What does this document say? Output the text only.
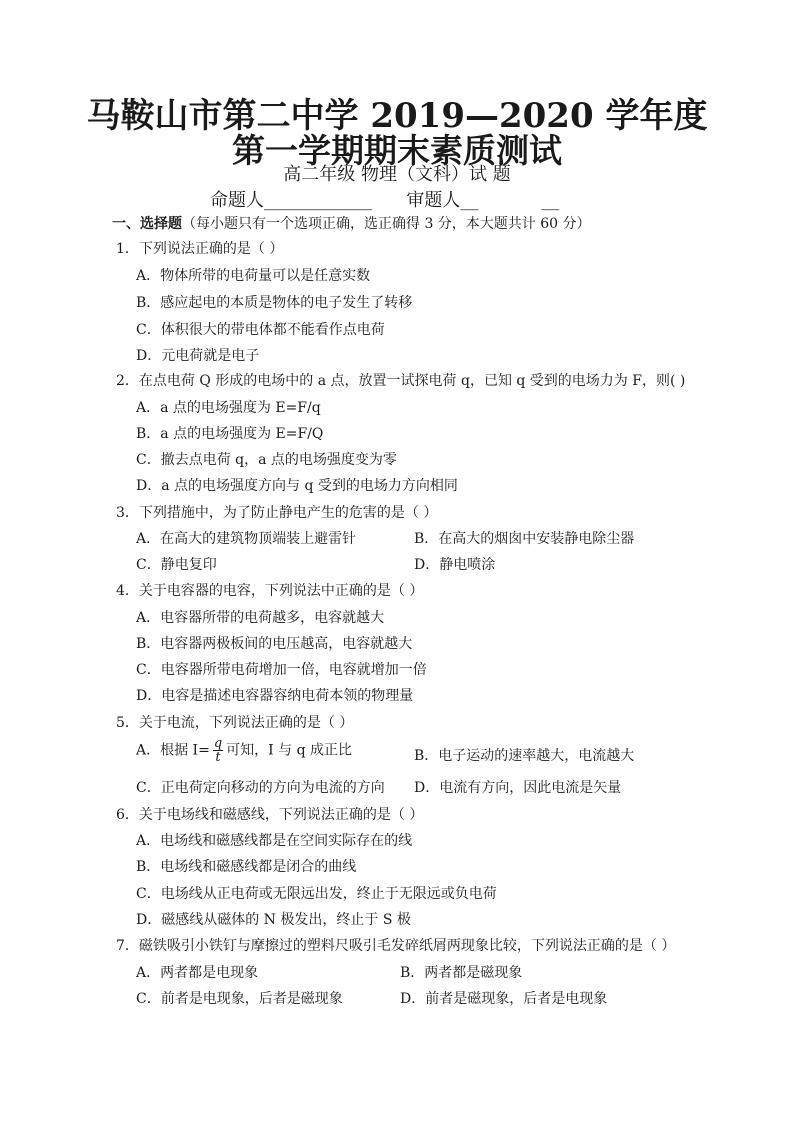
马鞍山市第二中学 2019—2020 学年度
第一学期期末素质测试
高二年级 物理（文科）试 题
命题人____________      审题人__           __
一、选择题（每小题只有一个选项正确，选正确得 3 分，本大题共计 60 分）
1．下列说法正确的是（ ）
A．物体所带的电荷量可以是任意实数
B．感应起电的本质是物体的电子发生了转移
C．体积很大的带电体都不能看作点电荷
D．元电荷就是电子
2．在点电荷 Q 形成的电场中的 a 点，放置一试探电荷 q，已知 q 受到的电场力为 F，则( )
A．a 点的电场强度为 E=F/q
B．a 点的电场强度为 E=F/Q
C．撤去点电荷 q，a 点的电场强度变为零
D．a 点的电场强度方向与 q 受到的电场力方向相同
3．下列措施中，为了防止静电产生的危害的是（ ）
A．在高大的建筑物顶端装上避雷针	B．在高大的烟囱中安装静电除尘器
C．静电复印	D．静电喷涂
4．关于电容器的电容，下列说法中正确的是（ ）
A．电容器所带的电荷越多，电容就越大
B．电容器两极板间的电压越高，电容就越大
C．电容器所带电荷增加一倍，电容就增加一倍
D．电容是描述电容器容纳电荷本领的物理量
5．关于电流，下列说法正确的是（ ）
A．根据 $I= \frac{q}{t}$ 可知，I 与 q 成正比	B．电子运动的速率越大，电流越大
C．正电荷定向移动的方向为电流的方向 D．电流有方向，因此电流是矢量
6．关于电场线和磁感线，下列说法正确的是（ ）
A．电场线和磁感线都是在空间实际存在的线
B．电场线和磁感线都是闭合的曲线
C．电场线从正电荷或无限远出发，终止于无限远或负电荷
D．磁感线从磁体的 N 极发出，终止于 S 极
7．磁铁吸引小铁钉与摩擦过的塑料尺吸引毛发碎纸屑两现象比较，下列说法正确的是（ ）
A．两者都是电现象	B．两者都是磁现象
C．前者是电现象，后者是磁现象	D．前者是磁现象，后者是电现象
